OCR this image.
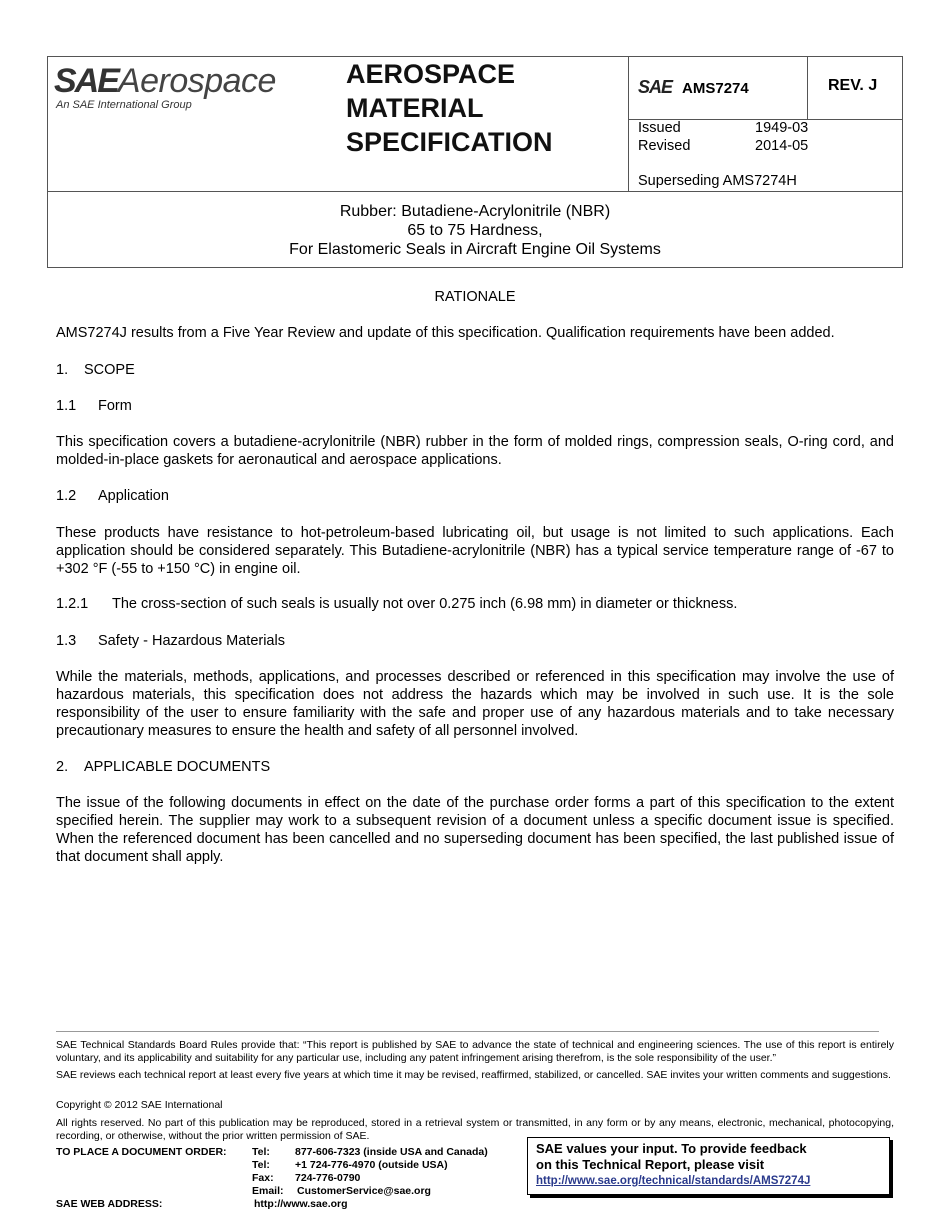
SAEAerospace
An SAE International Group
AEROSPACE
MATERIAL
SPECIFICATION
SAE AMS7274	REV. J
Issued	1949-03
Revised	2014-05
Superseding AMS7274H
Rubber: Butadiene-Acrylonitrile (NBR)
65 to 75 Hardness,
For Elastomeric Seals in Aircraft Engine Oil Systems
RATIONALE
AMS7274J results from a Five Year Review and update of this specification. Qualification requirements have been added.
1. SCOPE
1.1 Form
This specification covers a butadiene-acrylonitrile (NBR) rubber in the form of molded rings, compression seals, O-ring cord, and molded-in-place gaskets for aeronautical and aerospace applications.
1.2 Application
These products have resistance to hot-petroleum-based lubricating oil, but usage is not limited to such applications. Each application should be considered separately. This Butadiene-acrylonitrile (NBR) has a typical service temperature range of -67 to +302 °F (-55 to +150 °C) in engine oil.
1.2.1 The cross-section of such seals is usually not over 0.275 inch (6.98 mm) in diameter or thickness.
1.3 Safety - Hazardous Materials
While the materials, methods, applications, and processes described or referenced in this specification may involve the use of hazardous materials, this specification does not address the hazards which may be involved in such use. It is the sole responsibility of the user to ensure familiarity with the safe and proper use of any hazardous materials and to take necessary precautionary measures to ensure the health and safety of all personnel involved.
2. APPLICABLE DOCUMENTS
The issue of the following documents in effect on the date of the purchase order forms a part of this specification to the extent specified herein. The supplier may work to a subsequent revision of a document unless a specific document issue is specified. When the referenced document has been cancelled and no superseding document has been specified, the last published issue of that document shall apply.
SAE Technical Standards Board Rules provide that: “This report is published by SAE to advance the state of technical and engineering sciences. The use of this report is entirely voluntary, and its applicability and suitability for any particular use, including any patent infringement arising therefrom, is the sole responsibility of the user.”
SAE reviews each technical report at least every five years at which time it may be revised, reaffirmed, stabilized, or cancelled. SAE invites your written comments and suggestions.
Copyright © 2012 SAE International
All rights reserved. No part of this publication may be reproduced, stored in a retrieval system or transmitted, in any form or by any means, electronic, mechanical, photocopying, recording, or otherwise, without the prior written permission of SAE.
TO PLACE A DOCUMENT ORDER: Tel: 877-606-7323 (inside USA and Canada)
Tel: +1 724-776-4970 (outside USA)
Fax: 724-776-0790
Email: CustomerService@sae.org
SAE WEB ADDRESS:	http://www.sae.org
SAE values your input. To provide feedback
on this Technical Report, please visit
http://www.sae.org/technical/standards/AMS7274J
